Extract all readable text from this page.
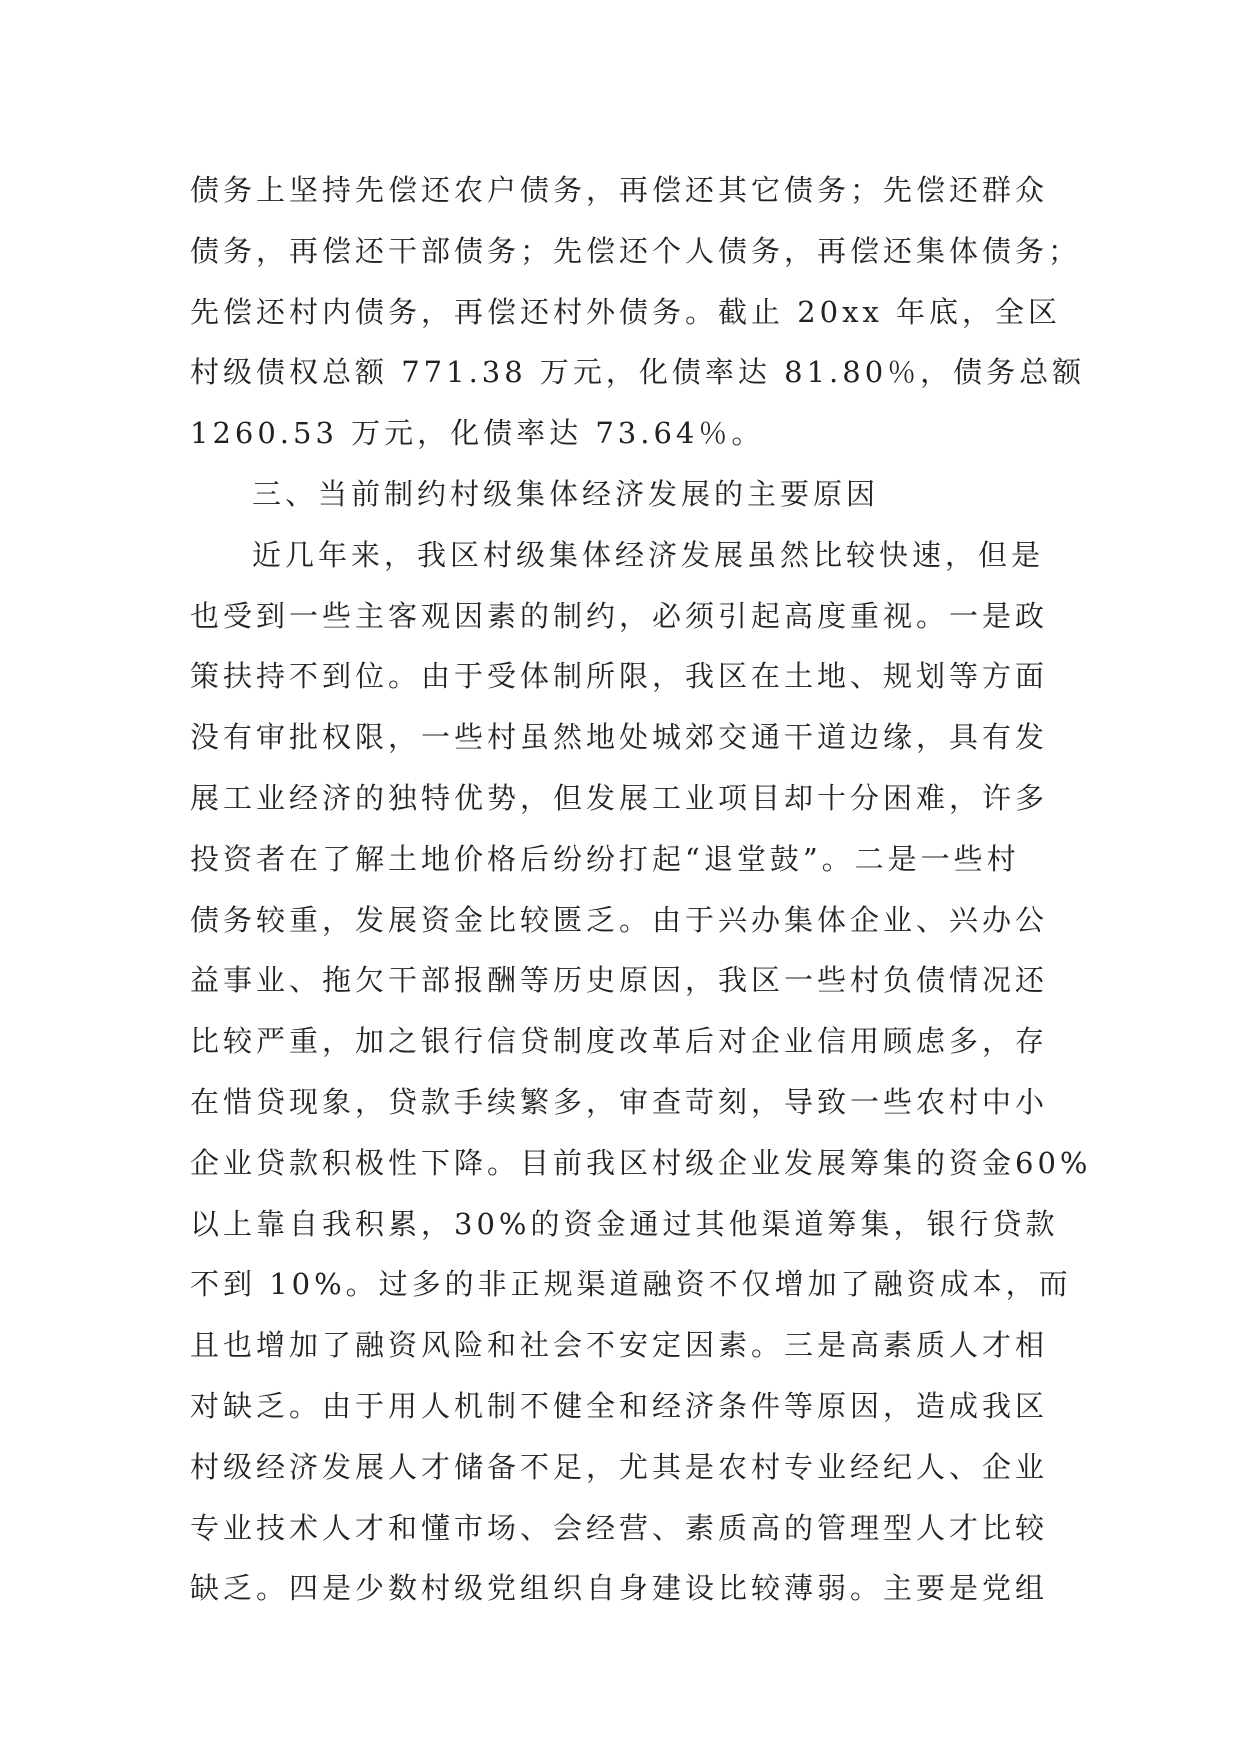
债务上坚持先偿还农户债务，再偿还其它债务；先偿还群众
债务，再偿还干部债务；先偿还个人债务，再偿还集体债务；
先偿还村内债务，再偿还村外债务。截止 20xx 年底，全区
村级债权总额 771.38 万元，化债率达 81.80％，债务总额
1260.53 万元，化债率达 73.64％。
三、当前制约村级集体经济发展的主要原因
近几年来，我区村级集体经济发展虽然比较快速，但是
也受到一些主客观因素的制约，必须引起高度重视。一是政
策扶持不到位。由于受体制所限，我区在土地、规划等方面
没有审批权限，一些村虽然地处城郊交通干道边缘，具有发
展工业经济的独特优势，但发展工业项目却十分困难，许多
投资者在了解土地价格后纷纷打起“退堂鼓”。二是一些村
债务较重，发展资金比较匮乏。由于兴办集体企业、兴办公
益事业、拖欠干部报酬等历史原因，我区一些村负债情况还
比较严重，加之银行信贷制度改革后对企业信用顾虑多，存
在惜贷现象，贷款手续繁多，审查苛刻，导致一些农村中小
企业贷款积极性下降。目前我区村级企业发展筹集的资金60%
以上靠自我积累，30%的资金通过其他渠道筹集，银行贷款
不到 10%。过多的非正规渠道融资不仅增加了融资成本，而
且也增加了融资风险和社会不安定因素。三是高素质人才相
对缺乏。由于用人机制不健全和经济条件等原因，造成我区
村级经济发展人才储备不足，尤其是农村专业经纪人、企业
专业技术人才和懂市场、会经营、素质高的管理型人才比较
缺乏。四是少数村级党组织自身建设比较薄弱。主要是党组
